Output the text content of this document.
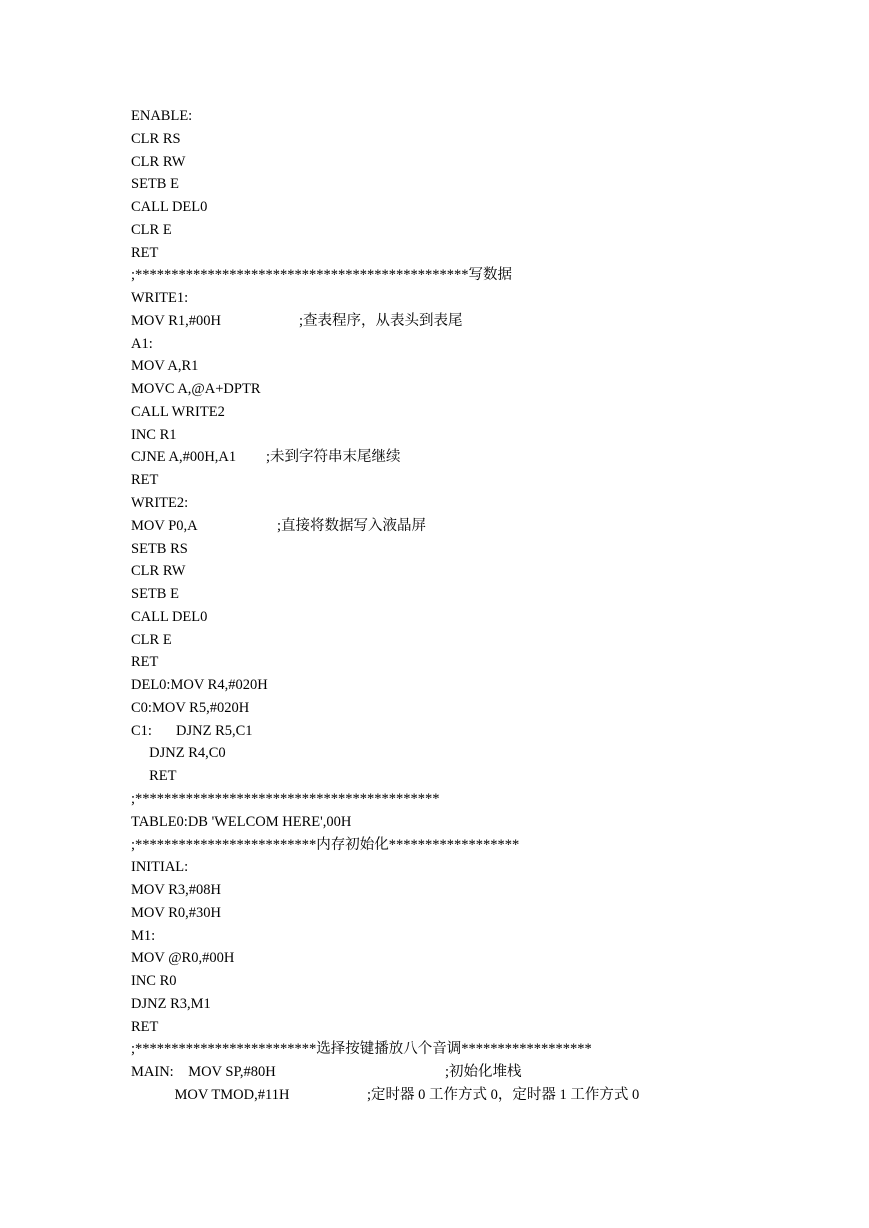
ENABLE:
CLR RS
CLR RW
SETB E
CALL DEL0
CLR E
RET
;**********************************************写数据
WRITE1:
MOV R1,#00H	;查表程序，从表头到表尾
A1:
MOV A,R1
MOVC A,@A+DPTR
CALL WRITE2
INC R1
CJNE A,#00H,A1 ;未到字符串末尾继续
RET
WRITE2:
MOV P0,A	;直接将数据写入液晶屏
SETB RS
CLR RW
SETB E
CALL DEL0
CLR E
RET
DEL0:MOV R4,#020H
C0:MOV R5,#020H
C1: DJNZ R5,C1
DJNZ R4,C0
RET
;******************************************
TABLE0:DB 'WELCOM HERE',00H
;*************************内存初始化******************
INITIAL:
MOV R3,#08H
MOV R0,#30H
M1:
MOV @R0,#00H
INC R0
DJNZ R3,M1
RET
;*************************选择按键播放八个音调******************
MAIN:    MOV SP,#80H	;初始化堆栈
MOV TMOD,#11H	;定时器 0 工作方式 0，定时器 1 工作方式 0
